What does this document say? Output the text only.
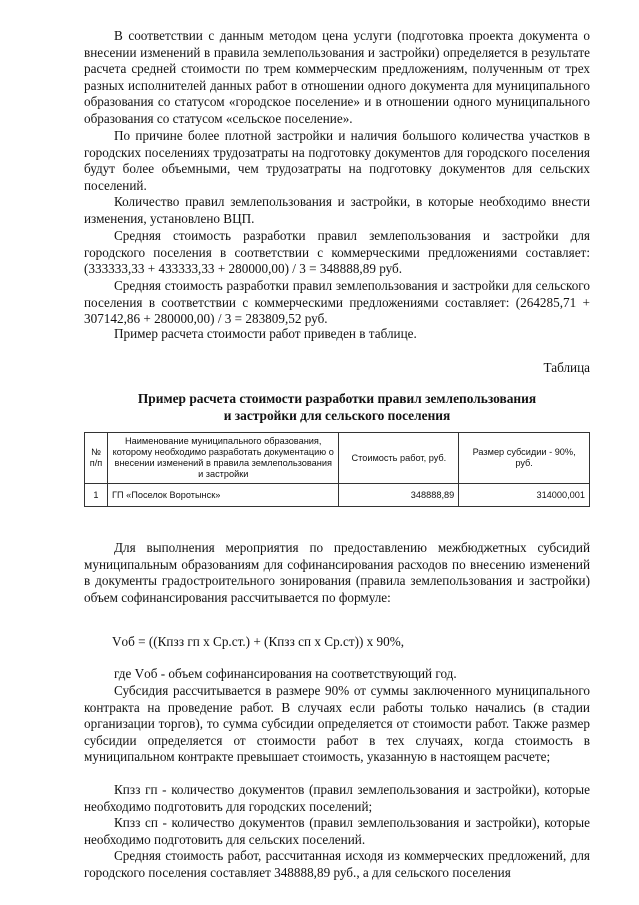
В соответствии с данным методом цена услуги (подготовка проекта документа о внесении изменений в правила землепользования и застройки) определяется в результате расчета средней стоимости по трем коммерческим предложениям, полученным от трех разных исполнителей данных работ в отношении одного документа для муниципального образования со статусом «городское поселение» и в отношении одного муниципального образования со статусом «сельское поселение».

По причине более плотной застройки и наличия большого количества участков в городских поселениях трудозатраты на подготовку документов для городского поселения будут более объемными, чем трудозатраты на подготовку документов для сельских поселений.

Количество правил землепользования и застройки, в которые необходимо внести изменения, установлено ВЦП.

Средняя стоимость разработки правил землепользования и застройки для городского поселения в соответствии с коммерческими предложениями составляет: (333333,33 + 433333,33 + 280000,00) / 3 = 348888,89 руб.

Средняя стоимость разработки правил землепользования и застройки для сельского поселения в соответствии с коммерческими предложениями составляет: (264285,71 + 307142,86 + 280000,00) / 3 = 283809,52 руб.

Пример расчета стоимости работ приведен в таблице.

Таблица

Пример расчета стоимости разработки правил землепользования

и застройки для сельского поселения

№ п/п	Наименование муниципального образования, которому необходимо разработать документацию о внесении изменений в правила землепользования и застройки	Стоимость работ, руб.	Размер субсидии - 90%, руб.
1	ГП «Поселок Воротынск»	348888,89	314000,001

Для выполнения мероприятия по предоставлению межбюджетных субсидий муниципальным образованиям для софинансирования расходов по внесению изменений в документы градостроительного зонирования (правила землепользования и застройки) объем софинансирования рассчитывается по формуле:

Vоб = ((Кпзз гп х Ср.ст.) + (Кпзз сп х Ср.ст)) х 90%,

где Vоб - объем софинансирования на соответствующий год.

Субсидия рассчитывается в размере 90% от суммы заключенного муниципального контракта на проведение работ. В случаях если работы только начались (в стадии организации торгов), то сумма субсидии определяется от стоимости работ. Также размер субсидии определяется от стоимости работ в тех случаях, когда стоимость в муниципальном контракте превышает стоимость, указанную в настоящем расчете;

Кпзз гп - количество документов (правил землепользования и застройки), которые необходимо подготовить для городских поселений;

Кпзз сп - количество документов (правил землепользования и застройки), которые необходимо подготовить для сельских поселений.

Средняя стоимость работ, рассчитанная исходя из коммерческих предложений, для городского поселения составляет 348888,89 руб., а для сельского поселения
